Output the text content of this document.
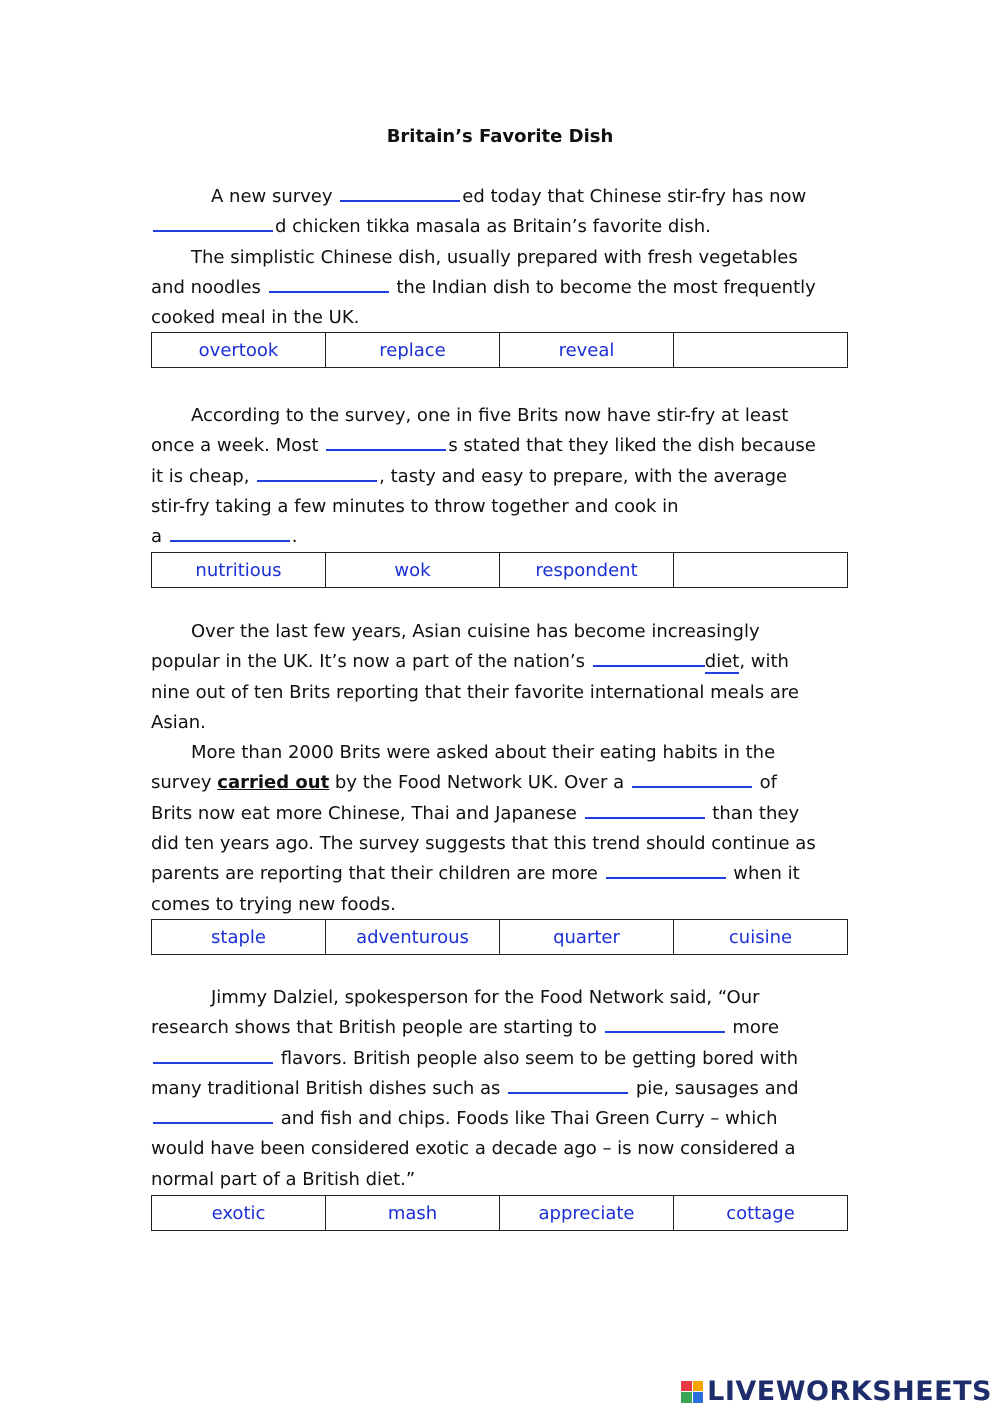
Britain’s Favorite Dish
A new survey	ed today that Chinese stir-fry has now
d chicken tikka masala as Britain’s favorite dish.
The simplistic Chinese dish, usually prepared with fresh vegetables
and noodles	the Indian dish to become the most frequently
cooked meal in the UK.
overtook	replace	reveal	
According to the survey, one in five Brits now have stir-fry at least
once a week. Most	s stated that they liked the dish because
it is cheap,	, tasty and easy to prepare, with the average
stir-fry taking a few minutes to throw together and cook in
a	.
nutritious	wok	respondent	
Over the last few years, Asian cuisine has become increasingly
popular in the UK. It’s now a part of the nation’s	diet, with
nine out of ten Brits reporting that their favorite international meals are
Asian.
More than 2000 Brits were asked about their eating habits in the
survey carried out by the Food Network UK. Over a	of
Brits now eat more Chinese, Thai and Japanese	than they
did ten years ago. The survey suggests that this trend should continue as
parents are reporting that their children are more	when it
comes to trying new foods.
staple	adventurous	quarter	cuisine
Jimmy Dalziel, spokesperson for the Food Network said, “Our
research shows that British people are starting to	more
flavors. British people also seem to be getting bored with
many traditional British dishes such as	pie, sausages and
and fish and chips. Foods like Thai Green Curry – which
would have been considered exotic a decade ago – is now considered a
normal part of a British diet.”
exotic	mash	appreciate	cottage
LIVEWORKSHEETS
